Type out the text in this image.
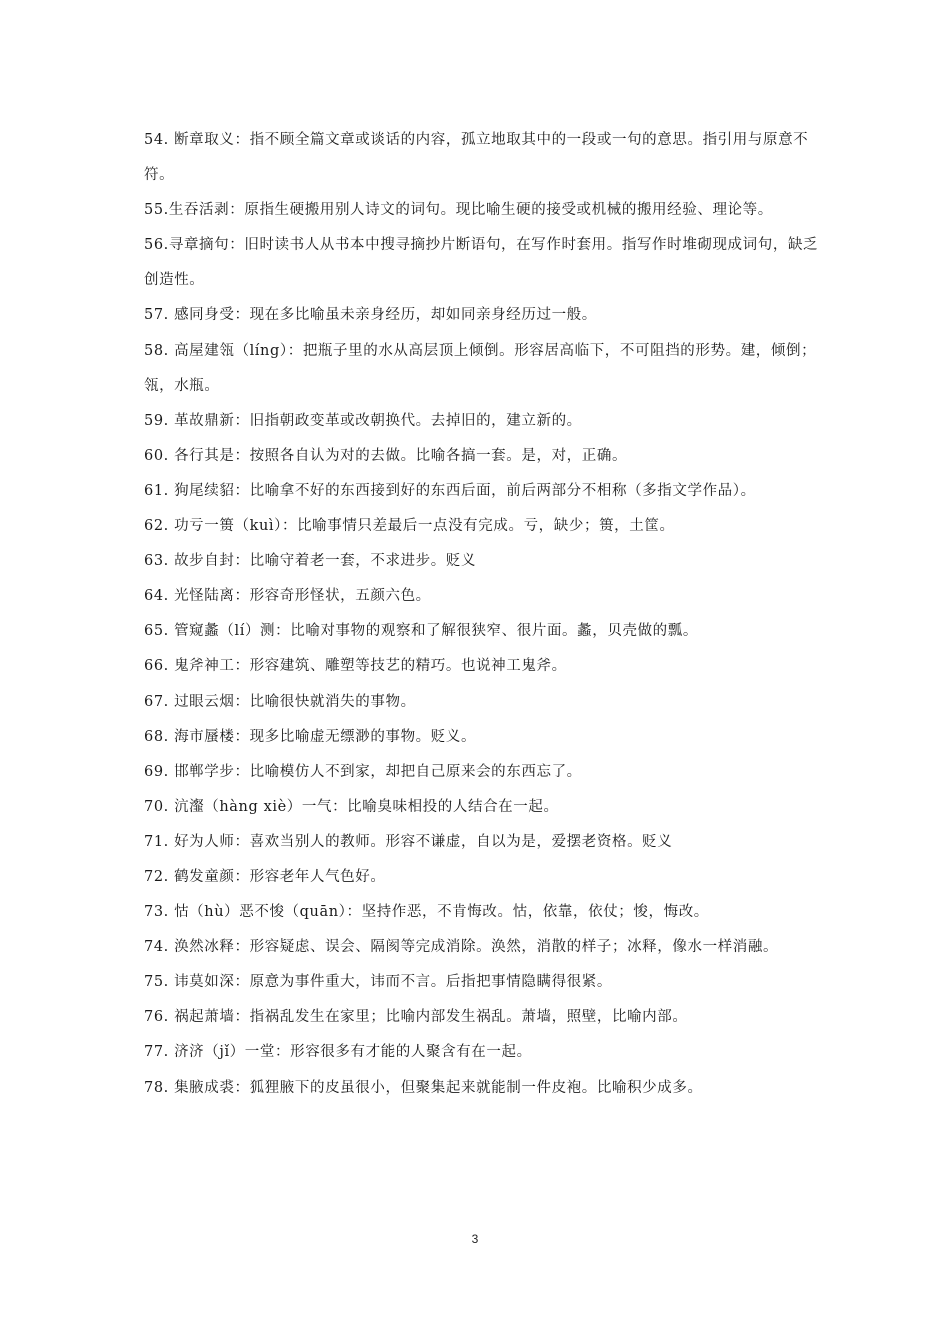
54. 断章取义：指不顾全篇文章或谈话的内容，孤立地取其中的一段或一句的意思。指引用与原意不符。

55.生吞活剥：原指生硬搬用别人诗文的词句。现比喻生硬的接受或机械的搬用经验、理论等。

56.寻章摘句：旧时读书人从书本中搜寻摘抄片断语句，在写作时套用。指写作时堆砌现成词句，缺乏创造性。

57. 感同身受：现在多比喻虽未亲身经历，却如同亲身经历过一般。

58. 高屋建瓴（líng）：把瓶子里的水从高层顶上倾倒。形容居高临下，不可阻挡的形势。建，倾倒；瓴，水瓶。

59. 革故鼎新：旧指朝政变革或改朝换代。去掉旧的，建立新的。

60. 各行其是：按照各自认为对的去做。比喻各搞一套。是，对，正确。

61. 狗尾续貂：比喻拿不好的东西接到好的东西后面，前后两部分不相称（多指文学作品）。

62. 功亏一篑（kuì）：比喻事情只差最后一点没有完成。亏，缺少；篑，土筐。

63. 故步自封：比喻守着老一套，不求进步。贬义

64. 光怪陆离：形容奇形怪状，五颜六色。

65. 管窥蠡（lí）测：比喻对事物的观察和了解很狭窄、很片面。蠡，贝壳做的瓢。

66. 鬼斧神工：形容建筑、雕塑等技艺的精巧。也说神工鬼斧。

67. 过眼云烟：比喻很快就消失的事物。

68. 海市蜃楼：现多比喻虚无缥渺的事物。贬义。

69. 邯郸学步：比喻模仿人不到家，却把自己原来会的东西忘了。

70. 沆瀣（hàng xiè）一气：比喻臭味相投的人结合在一起。

71. 好为人师：喜欢当别人的教师。形容不谦虚，自以为是，爱摆老资格。贬义

72. 鹤发童颜：形容老年人气色好。

73. 怙（hù）恶不悛（quān）：坚持作恶，不肯悔改。怙，依靠，依仗；悛，悔改。

74. 涣然冰释：形容疑虑、误会、隔阂等完成消除。涣然，消散的样子；冰释，像水一样消融。

75. 讳莫如深：原意为事件重大，讳而不言。后指把事情隐瞒得很紧。

76. 祸起萧墙：指祸乱发生在家里；比喻内部发生祸乱。萧墙，照壁，比喻内部。

77. 济济（jǐ）一堂：形容很多有才能的人聚含有在一起。

78. 集腋成裘：狐狸腋下的皮虽很小，但聚集起来就能制一件皮袍。比喻积少成多。

3
